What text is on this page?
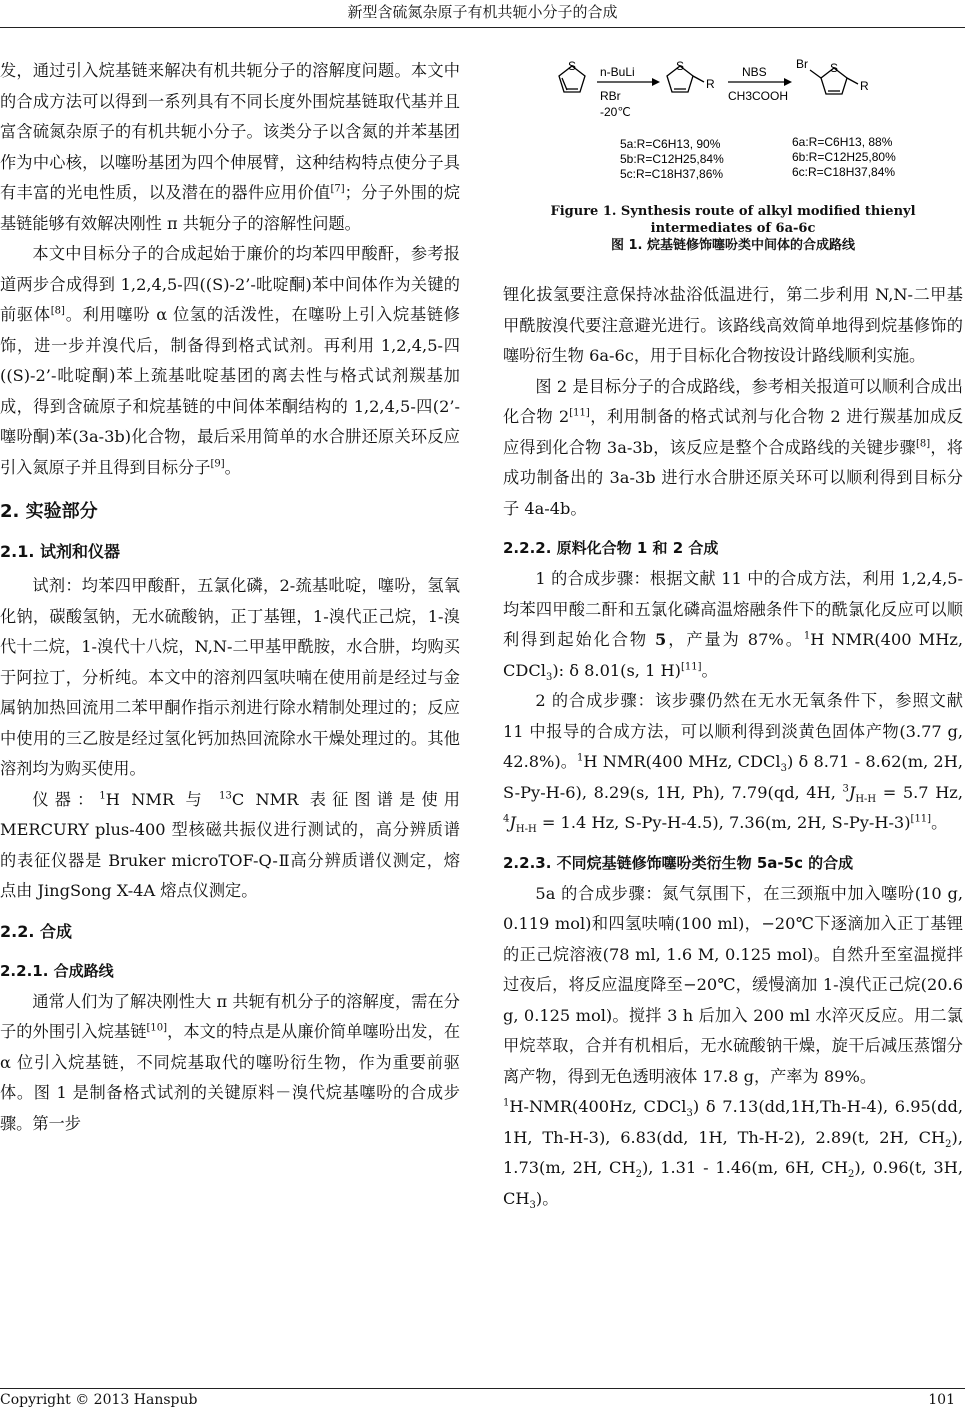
新型含硫氮杂原子有机共轭小分子的合成

发，通过引入烷基链来解决有机共轭分子的溶解度问题。本文中的合成方法可以得到一系列具有不同长度外围烷基链取代基并且富含硫氮杂原子的有机共轭小分子。该类分子以含氮的并苯基团作为中心核，以噻吩基团为四个伸展臂，这种结构特点使分子具有丰富的光电性质，以及潜在的器件应用价值[7]；分子外围的烷基链能够有效解决刚性 π 共轭分子的溶解性问题。

本文中目标分子的合成起始于廉价的均苯四甲酸酐，参考报道两步合成得到 1,2,4,5-四((S)-2’-吡啶酮)苯中间体作为关键的前驱体[8]。利用噻吩 α 位氢的活泼性，在噻吩上引入烷基链修饰，进一步并溴代后，制备得到格式试剂。再利用 1,2,4,5-四((S)-2’-吡啶酮)苯上巯基吡啶基团的离去性与格式试剂羰基加成，得到含硫原子和烷基链的中间体苯酮结构的 1,2,4,5-四(2’-噻吩酮)苯(3a-3b)化合物，最后采用简单的水合肼还原关环反应引入氮原子并且得到目标分子[9]。

2. 实验部分
2.1. 试剂和仪器

试剂：均苯四甲酸酐，五氯化磷，2-巯基吡啶，噻吩，氢氧化钠，碳酸氢钠，无水硫酸钠，正丁基锂，1-溴代正己烷，1-溴代十二烷，1-溴代十八烷，N,N-二甲基甲酰胺，水合肼，均购买于阿拉丁，分析纯。本文中的溶剂四氢呋喃在使用前是经过与金属钠加热回流用二苯甲酮作指示剂进行除水精制处理过的；反应中使用的三乙胺是经过氢化钙加热回流除水干燥处理过的。其他溶剂均为购买使用。

仪器：$^1$H NMR 与 $^{13}$C NMR 表征图谱是使用 MERCURY plus-400 型核磁共振仪进行测试的，高分辨质谱的表征仪器是 Bruker microTOF-Q-Ⅱ高分辨质谱仪测定，熔点由 JingSong X-4A 熔点仪测定。

2.2. 合成
2.2.1. 合成路线

通常人们为了解决刚性大 π 共轭有机分子的溶解度，需在分子的外围引入烷基链[10]，本文的特点是从廉价简单噻吩出发，在 α 位引入烷基链，不同烷基取代的噻吩衍生物，作为重要前驱体。图 1 是制备格式试剂的关键原料－溴代烷基噻吩的合成步骤。第一步

S n-BuLi
RBr
-20℃
S
R
NBS
CH3COOH
Br S
R
5a:R=C6H13, 90%
5b:R=C12H25,84%
5c:R=C18H37,86%
6a:R=C6H13, 88%
6b:R=C12H25,80%
6c:R=C18H37,84%
Figure 1. Synthesis route of alkyl modified thienyl intermediates of 6a-6c
图 1. 烷基链修饰噻吩类中间体的合成路线

锂化拔氢要注意保持冰盐浴低温进行，第二步利用 N,N-二甲基甲酰胺溴代要注意避光进行。该路线高效简单地得到烷基修饰的噻吩衍生物 6a-6c，用于目标化合物按设计路线顺利实施。

图 2 是目标分子的合成路线，参考相关报道可以顺利合成出化合物 2[11]，利用制备的格式试剂与化合物 2 进行羰基加成反应得到化合物 3a-3b，该反应是整个合成路线的关键步骤[8]，将成功制备出的 3a-3b 进行水合肼还原关环可以顺利得到目标分子 4a-4b。

2.2.2. 原料化合物 1 和 2 合成

1 的合成步骤：根据文献 11 中的合成方法，利用 1,2,4,5-均苯四甲酸二酐和五氯化磷高温熔融条件下的酰氯化反应可以顺利得到起始化合物 5，产量为 87%。$^1$H NMR(400 MHz, CDCl$_3$): δ 8.01(s, 1 H)[11]。

2 的合成步骤：该步骤仍然在无水无氧条件下，参照文献 11 中报导的合成方法，可以顺利得到淡黄色固体产物(3.77 g, 42.8%)。$^1$H NMR(400 MHz, CDCl$_3$) δ 8.71 - 8.62(m, 2H, S-Py-H-6), 8.29(s, 1H, Ph), 7.79(qd, 4H, $^3J_{H-H} = 5.7$ Hz, $^4J_{H-H} = 1.4$ Hz, S-Py-H-4.5), 7.36(m, 2H, S-Py-H-3)[11]。

2.2.3. 不同烷基链修饰噻吩类衍生物 5a-5c 的合成

5a 的合成步骤：氮气氛围下，在三颈瓶中加入噻吩(10 g, 0.119 mol)和四氢呋喃(100 ml)，−20℃下逐滴加入正丁基锂的正己烷溶液(78 ml, 1.6 M, 0.125 mol)。自然升至室温搅拌过夜后，将反应温度降至−20℃，缓慢滴加 1-溴代正己烷(20.6 g, 0.125 mol)。搅拌 3 h 后加入 200 ml 水淬灭反应。用二氯甲烷萃取，合并有机相后，无水硫酸钠干燥，旋干后减压蒸馏分离产物，得到无色透明液体 17.8 g，产率为 89%。

$^1$H-NMR(400Hz, CDCl$_3$) δ 7.13(dd,1H,Th-H-4), 6.95(dd, 1H, Th-H-3), 6.83(dd, 1H, Th-H-2), 2.89(t, 2H, $CH_2$), 1.73(m, 2H, $CH_2$), 1.31 - 1.46(m, 6H, $CH_2$), 0.96(t, 3H, $CH_3$)。

Copyright © 2013 Hanspub	101
